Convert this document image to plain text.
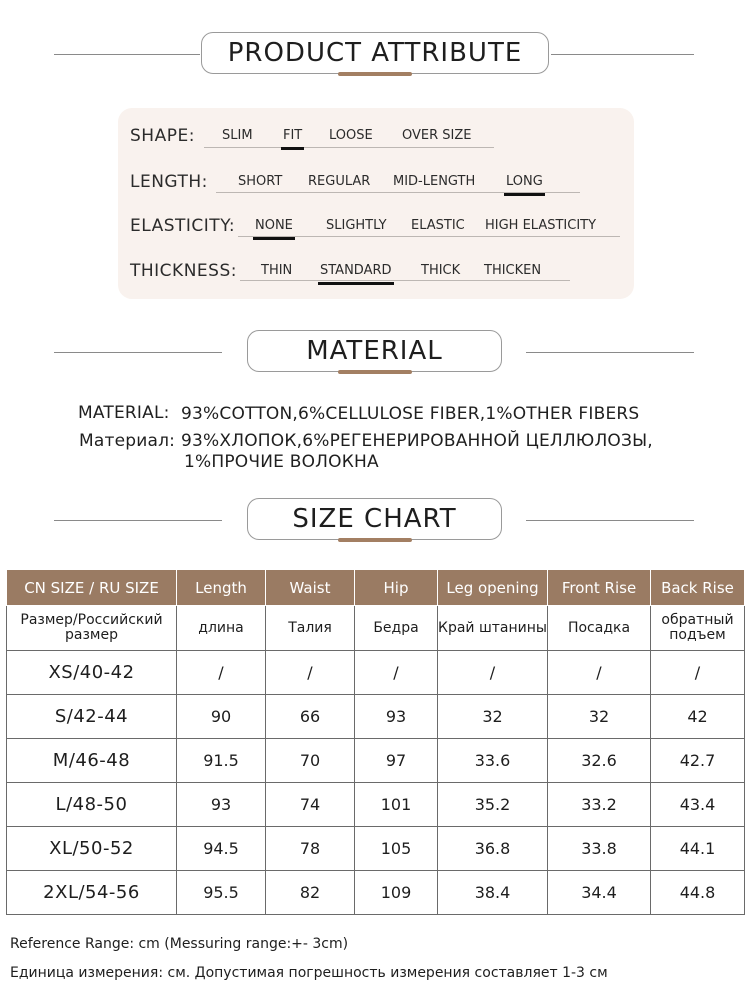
PRODUCT ATTRIBUTE
SHAPE: SLIM FIT LOOSE OVER SIZE
LENGTH: SHORT REGULAR MID-LENGTH LONG
ELASTICITY: NONE	SLIGHTLY ELASTIC HIGH ELASTICITY
THICKNESS: THIN STANDARD THICK THICKEN
MATERIAL
MATERIAL: 93%COTTON,6%CELLULOSE FIBER,1%OTHER FIBERS
Материал: 93%ХЛОПОК,6%РЕГЕНЕРИРОВАННОЙ ЦЕЛЛЮЛОЗЫ,
1%ПРОЧИЕ ВОЛОКНА
SIZE CHART
CN SIZE / RU SIZE	Length	Waist	Hip	Leg opening	Front Rise	Back Rise
Размер/Российский размер	длина	Талия	Бедра	Край штанины	Посадка	обратный подъем
XS/40-42	/	/	/	/	/	/
S/42-44	90	66	93	32	32	42
M/46-48	91.5	70	97	33.6	32.6	42.7
L/48-50	93	74	101	35.2	33.2	43.4
XL/50-52	94.5	78	105	36.8	33.8	44.1
2XL/54-56	95.5	82	109	38.4	34.4	44.8
Reference Range: cm (Messuring range:+- 3cm)
Единица измерения: см. Допустимая погрешность измерения составляет 1-3 см
